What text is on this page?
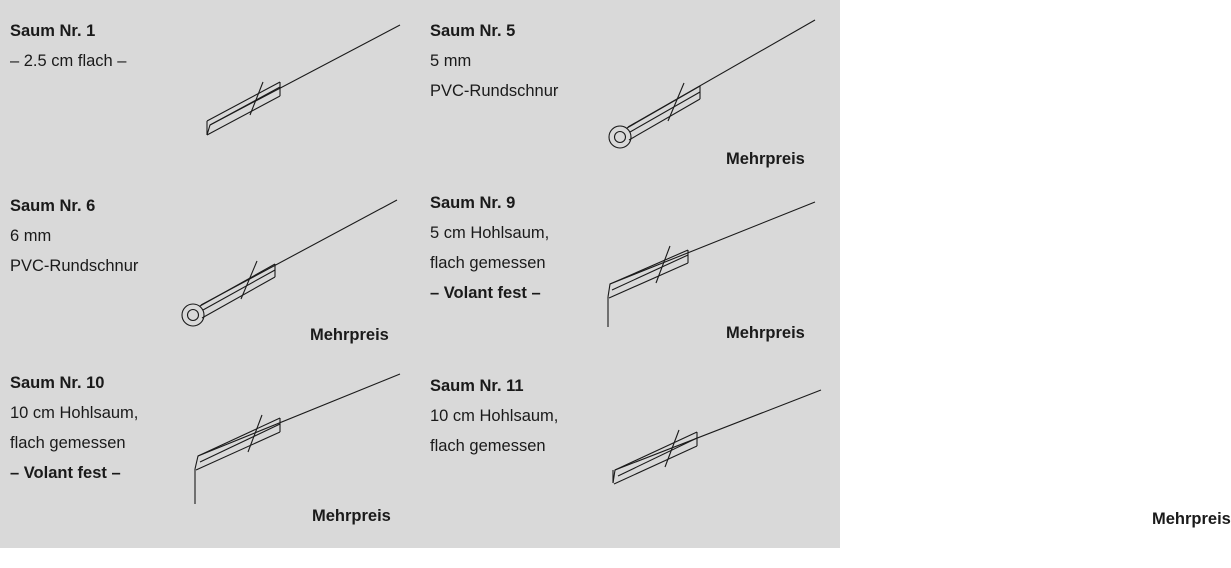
Saum Nr. 1
– 2.5 cm flach –
Saum Nr. 5
5 mm
PVC-Rundschnur
Mehrpreis
Saum Nr. 6
6 mm
PVC-Rundschnur
Mehrpreis
Saum Nr. 9
5 cm Hohlsaum,
flach gemessen
– Volant fest –
Mehrpreis
Saum Nr. 10
10 cm Hohlsaum,
flach gemessen
– Volant fest –
Mehrpreis
Saum Nr. 11
10 cm Hohlsaum,
flach gemessen
Mehrpreis
